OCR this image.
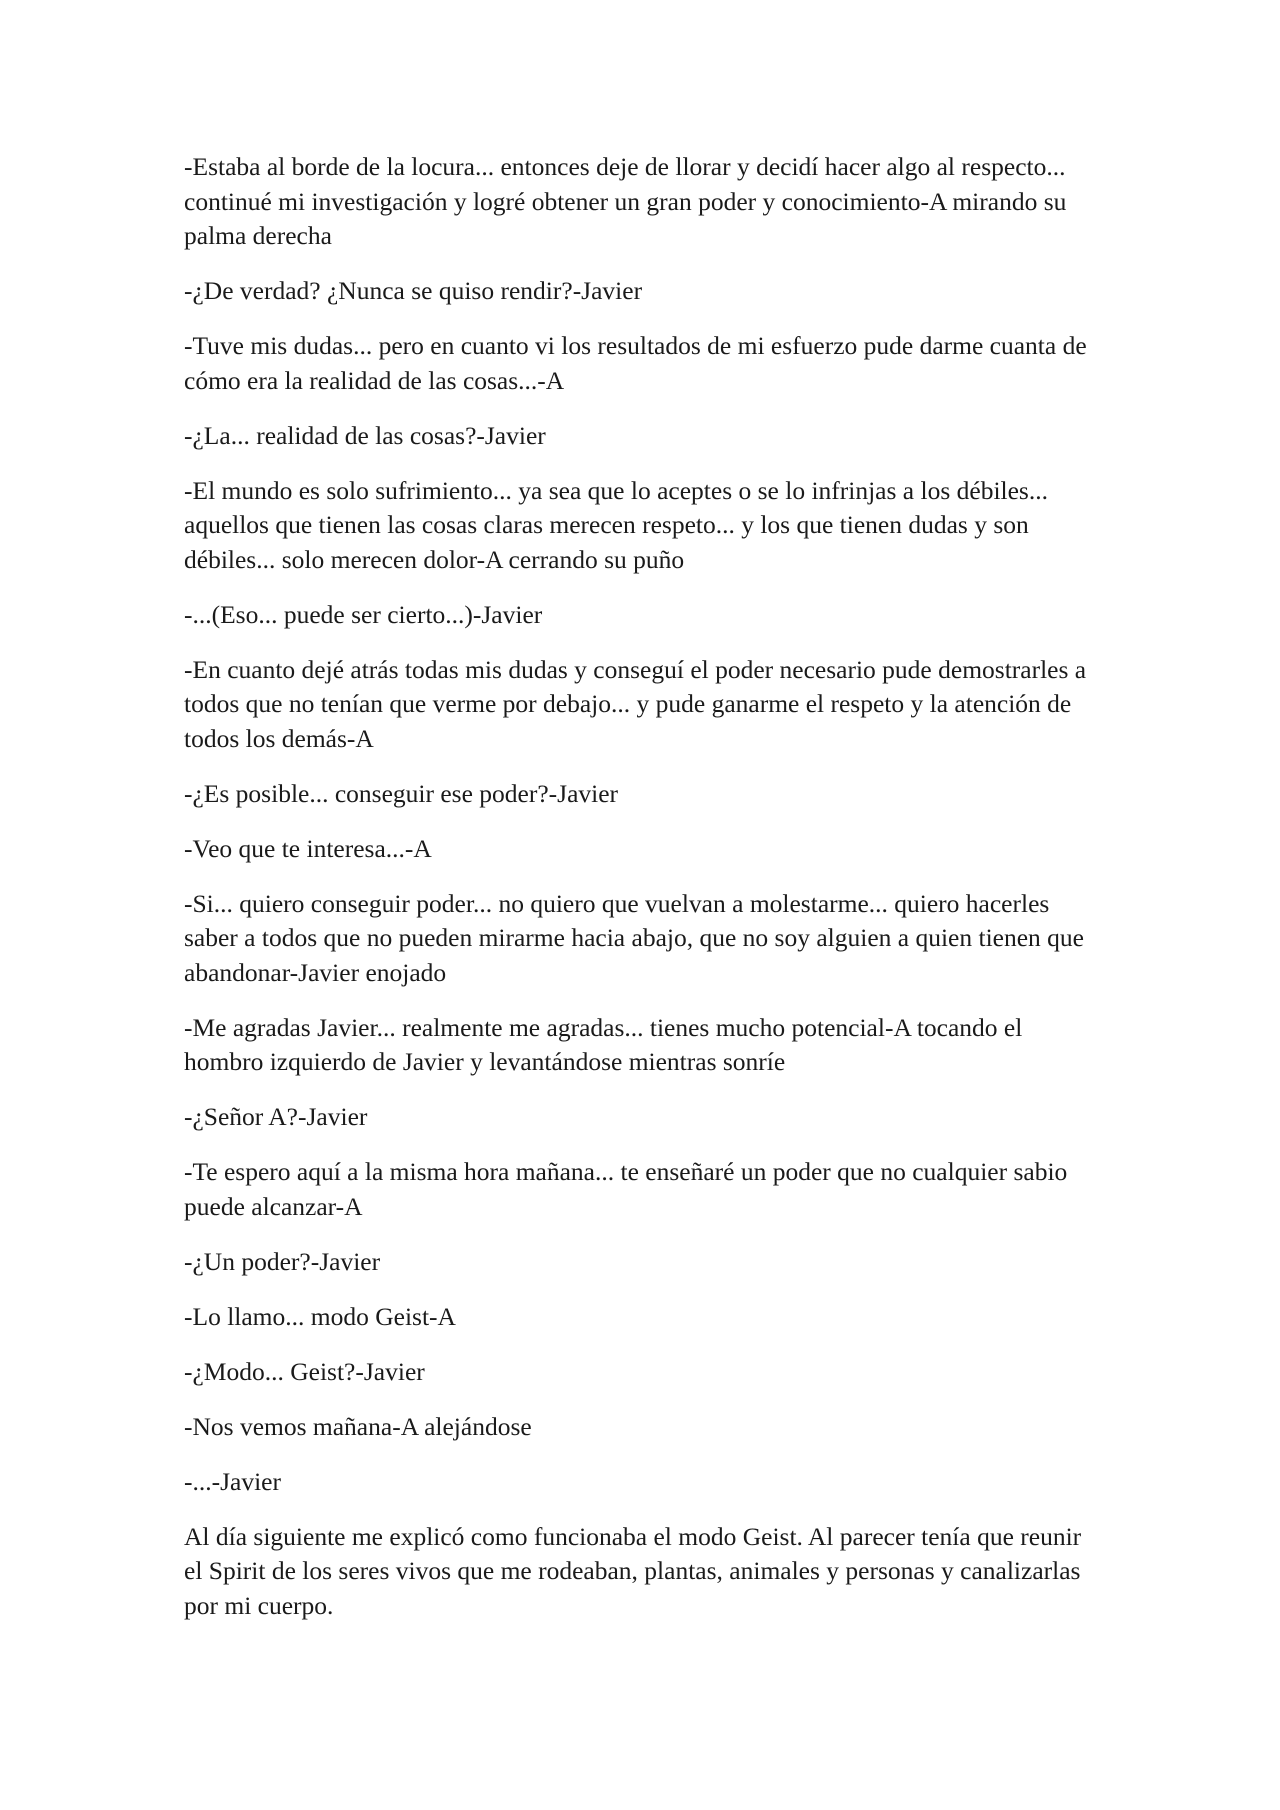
-Estaba al borde de la locura... entonces deje de llorar y decidí hacer algo al respecto... continué mi investigación y logré obtener un gran poder y conocimiento-A mirando su palma derecha

-¿De verdad? ¿Nunca se quiso rendir?-Javier

-Tuve mis dudas... pero en cuanto vi los resultados de mi esfuerzo pude darme cuanta de cómo era la realidad de las cosas...-A

-¿La... realidad de las cosas?-Javier

-El mundo es solo sufrimiento... ya sea que lo aceptes o se lo infrinjas a los débiles... aquellos que tienen las cosas claras merecen respeto... y los que tienen dudas y son débiles... solo merecen dolor-A cerrando su puño

-...(Eso... puede ser cierto...)-Javier

-En cuanto dejé atrás todas mis dudas y conseguí el poder necesario pude demostrarles a todos que no tenían que verme por debajo... y pude ganarme el respeto y la atención de todos los demás-A

-¿Es posible... conseguir ese poder?-Javier

-Veo que te interesa...-A

-Si... quiero conseguir poder... no quiero que vuelvan a molestarme... quiero hacerles saber a todos que no pueden mirarme hacia abajo, que no soy alguien a quien tienen que abandonar-Javier enojado

-Me agradas Javier... realmente me agradas... tienes mucho potencial-A tocando el hombro izquierdo de Javier y levantándose mientras sonríe

-¿Señor A?-Javier

-Te espero aquí a la misma hora mañana... te enseñaré un poder que no cualquier sabio puede alcanzar-A

-¿Un poder?-Javier

-Lo llamo... modo Geist-A

-¿Modo... Geist?-Javier

-Nos vemos mañana-A alejándose

-...-Javier

Al día siguiente me explicó como funcionaba el modo Geist. Al parecer tenía que reunir el Spirit de los seres vivos que me rodeaban, plantas, animales y personas y canalizarlas por mi cuerpo.
